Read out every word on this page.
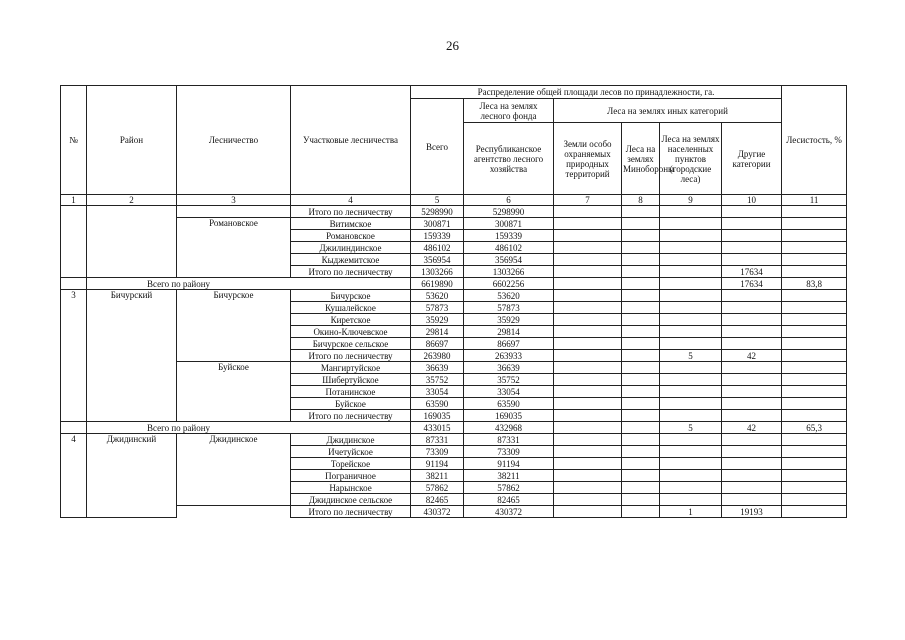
26
№	Район	Лесничество	Участковые лесничества	Распределение общей площади лесов по принадлежности, га.						Лесистость, %
				Всего	Леса на землях лесного фонда	Леса на землях иных категорий				
					Республиканское агентство лесного хозяйства	Земли особо охраняемых природных территорий	Леса на землях Минобороны	Леса на землях населенных пунктов (городские леса)	Другие категории	

1	2	3	4	5	6	7	8	9	10	11
			Итого по лесничеству	5298990	5298990					
		Романовское	Витимское	300871	300871					
			Романовское	159339	159339					
			Джилиндинское	486102	486102					
			Кыджемитское	356954	356954					
			Итого по лесничеству	1303266	1303266				17634	
	Всего по району			6619890	6602256				17634	83,8
3	Бичурский	Бичурское	Бичурское	53620	53620					
			Кушалейское	57873	57873					
			Киретское	35929	35929					
			Окино-Ключевское	29814	29814					
			Бичурское сельское	86697	86697					
			Итого по лесничеству	263980	263933			5	42	
		Буйское	Мангиртуйское	36639	36639					
			Шибертуйское	35752	35752					
			Потанинское	33054	33054					
			Буйское	63590	63590					
			Итого по лесничеству	169035	169035					
	Всего по району			433015	432968			5	42	65,3
4	Джидинский	Джидинское	Джидинское	87331	87331					
			Ичетуйское	73309	73309					
			Торейское	91194	91194					
			Пограничное	38211	38211					
			Нарынское	57862	57862					
			Джидинское сельское	82465	82465					
			Итого по лесничеству	430372	430372			1	19193	
